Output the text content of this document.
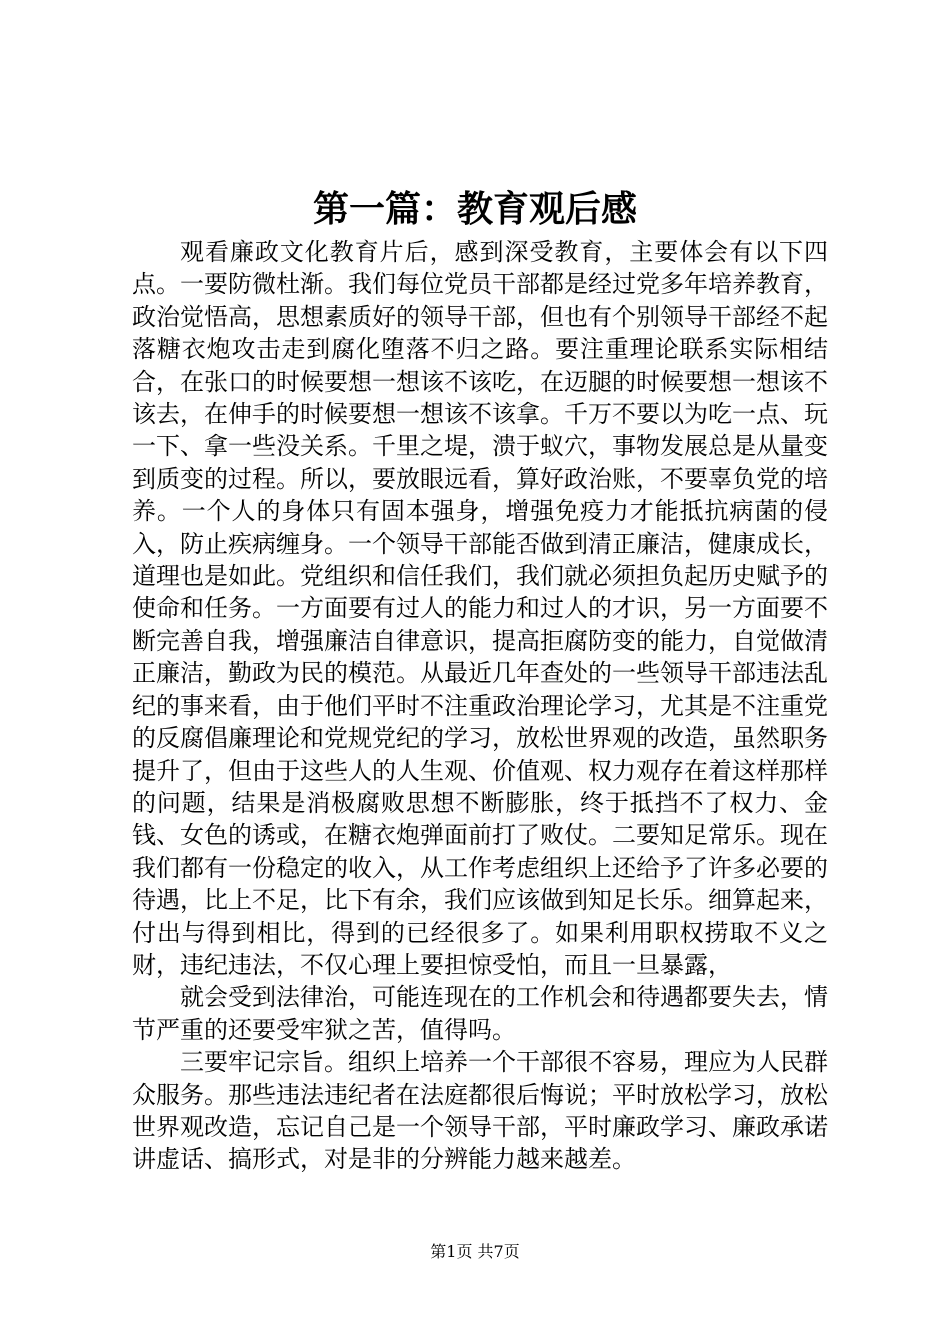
第一篇：教育观后感

观看廉政文化教育片后，感到深受教育，主要体会有以下四点。一要防微杜渐。我们每位党员干部都是经过党多年培养教育，政治觉悟高，思想素质好的领导干部，但也有个别领导干部经不起落糖衣炮攻击走到腐化堕落不归之路。要注重理论联系实际相结合，在张口的时候要想一想该不该吃，在迈腿的时候要想一想该不该去，在伸手的时候要想一想该不该拿。千万不要以为吃一点、玩一下、拿一些没关系。千里之堤，溃于蚁穴，事物发展总是从量变到质变的过程。所以，要放眼远看，算好政治账，不要辜负党的培养。一个人的身体只有固本强身，增强免疫力才能抵抗病菌的侵入，防止疾病缠身。一个领导干部能否做到清正廉洁，健康成长，道理也是如此。党组织和信任我们，我们就必须担负起历史赋予的使命和任务。一方面要有过人的能力和过人的才识，另一方面要不断完善自我，增强廉洁自律意识，提高拒腐防变的能力，自觉做清正廉洁，勤政为民的模范。从最近几年查处的一些领导干部违法乱纪的事来看，由于他们平时不注重政治理论学习，尤其是不注重党的反腐倡廉理论和党规党纪的学习，放松世界观的改造，虽然职务提升了，但由于这些人的人生观、价值观、权力观存在着这样那样的问题，结果是消极腐败思想不断膨胀，终于抵挡不了权力、金钱、女色的诱或，在糖衣炮弹面前打了败仗。二要知足常乐。现在我们都有一份稳定的收入，从工作考虑组织上还给予了许多必要的待遇，比上不足，比下有余，我们应该做到知足长乐。细算起来，付出与得到相比，得到的已经很多了。如果利用职权捞取不义之财，违纪违法，不仅心理上要担惊受怕，而且一旦暴露，

就会受到法律治，可能连现在的工作机会和待遇都要失去，情节严重的还要受牢狱之苦，值得吗。

三要牢记宗旨。组织上培养一个干部很不容易，理应为人民群众服务。那些违法违纪者在法庭都很后悔说；平时放松学习，放松世界观改造，忘记自己是一个领导干部，平时廉政学习、廉政承诺讲虚话、搞形式，对是非的分辨能力越来越差。

第1页 共7页
